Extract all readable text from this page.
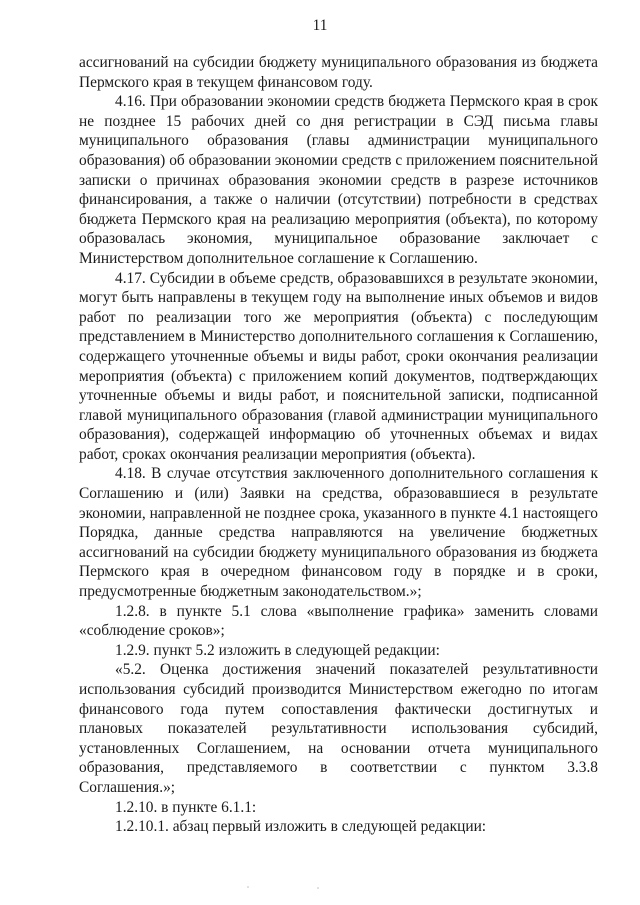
11

ассигнований на субсидии бюджету муниципального образования из бюджета Пермского края в текущем финансовом году.

4.16. При образовании экономии средств бюджета Пермского края в срок не позднее 15 рабочих дней со дня регистрации в СЭД письма главы муниципального образования (главы администрации муниципального образования) об образовании экономии средств с приложением пояснительной записки о причинах образования экономии средств в разрезе источников финансирования, а также о наличии (отсутствии) потребности в средствах бюджета Пермского края на реализацию мероприятия (объекта), по которому образовалась экономия, муниципальное образование заключает с Министерством дополнительное соглашение к Соглашению.

4.17. Субсидии в объеме средств, образовавшихся в результате экономии, могут быть направлены в текущем году на выполнение иных объемов и видов работ по реализации того же мероприятия (объекта) с последующим представлением в Министерство дополнительного соглашения к Соглашению, содержащего уточненные объемы и виды работ, сроки окончания реализации мероприятия (объекта) с приложением копий документов, подтверждающих уточненные объемы и виды работ, и пояснительной записки, подписанной главой муниципального образования (главой администрации муниципального образования), содержащей информацию об уточненных объемах и видах работ, сроках окончания реализации мероприятия (объекта).

4.18. В случае отсутствия заключенного дополнительного соглашения к Соглашению и (или) Заявки на средства, образовавшиеся в результате экономии, направленной не позднее срока, указанного в пункте 4.1 настоящего Порядка, данные средства направляются на увеличение бюджетных ассигнований на субсидии бюджету муниципального образования из бюджета Пермского края в очередном финансовом году в порядке и в сроки, предусмотренные бюджетным законодательством.»;

1.2.8. в пункте 5.1 слова «выполнение графика» заменить словами «соблюдение сроков»;

1.2.9. пункт 5.2 изложить в следующей редакции:

«5.2. Оценка достижения значений показателей результативности использования субсидий производится Министерством ежегодно по итогам финансового года путем сопоставления фактически достигнутых и плановых показателей результативности использования субсидий, установленных Соглашением, на основании отчета муниципального образования, представляемого в соответствии с пунктом 3.3.8 Соглашения.»;

1.2.10. в пункте 6.1.1:

1.2.10.1. абзац первый изложить в следующей редакции:
